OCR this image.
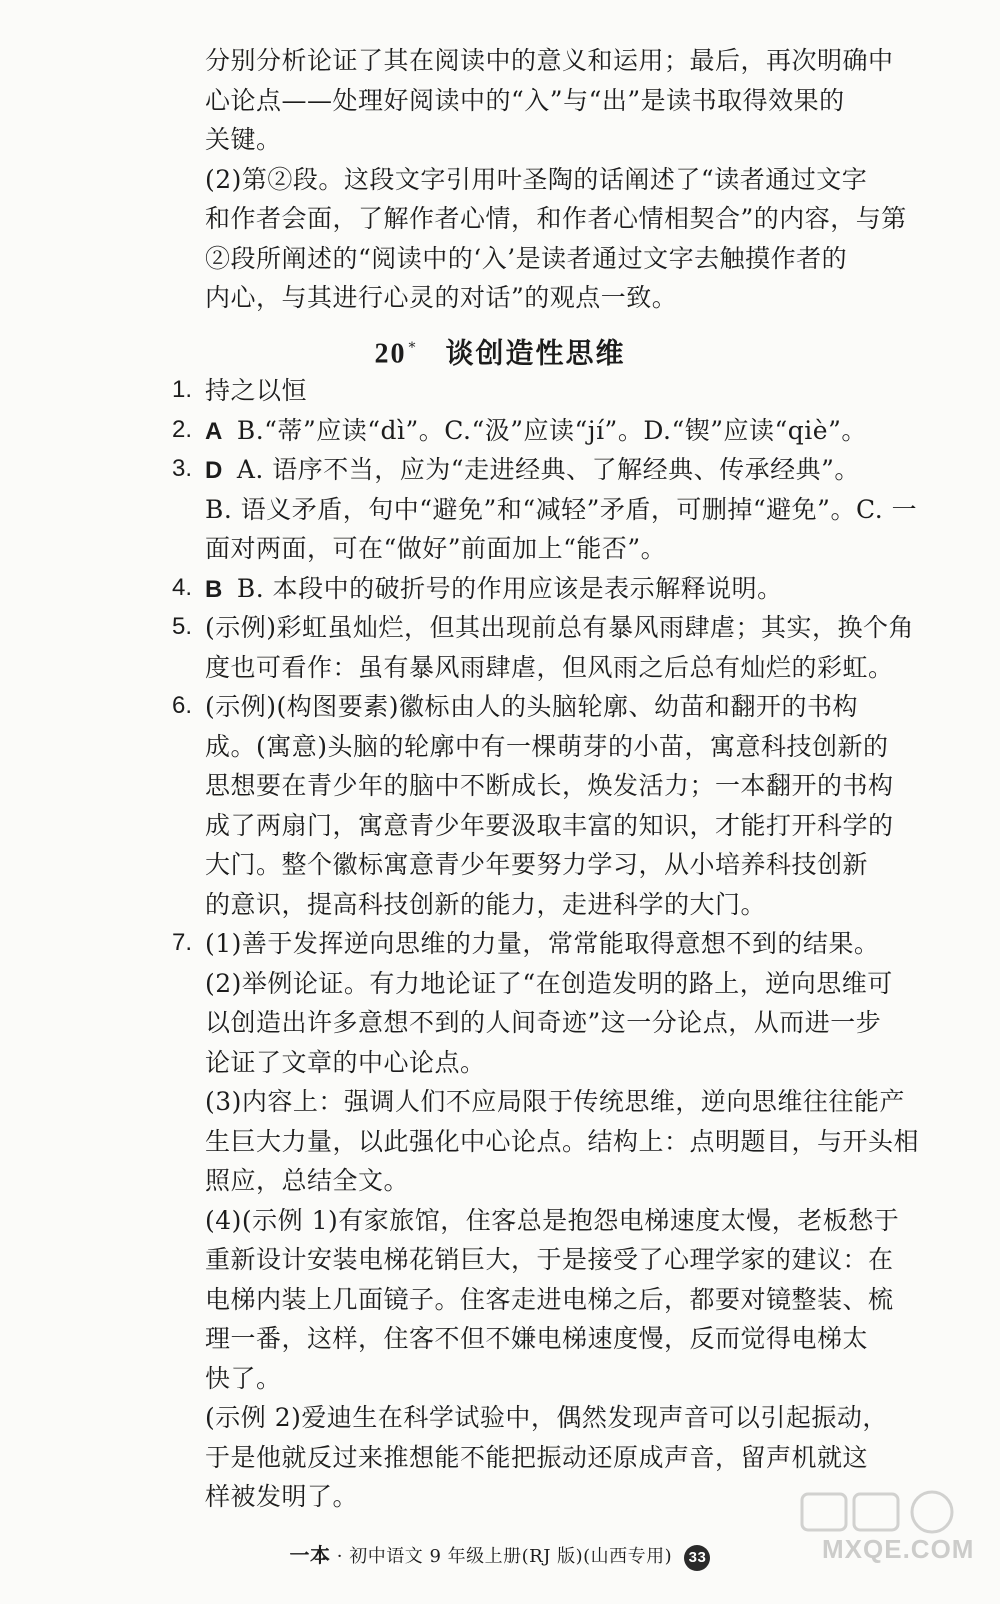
分别分析论证了其在阅读中的意义和运用；最后，再次明确中
心论点——处理好阅读中的“入”与“出”是读书取得效果的
关键。
(2)第②段。这段文字引用叶圣陶的话阐述了“读者通过文字
和作者会面，了解作者心情，和作者心情相契合”的内容，与第
②段所阐述的“阅读中的‘入’是读者通过文字去触摸作者的
内心，与其进行心灵的对话”的观点一致。
1. 持之以恒
2. A B.“蒂”应读“dì”。C.“汲”应读“jí”。D.“锲”应读“qiè”。
3. D A. 语序不当，应为“走进经典、了解经典、传承经典”。
B. 语义矛盾，句中“避免”和“减轻”矛盾，可删掉“避免”。C. 一
面对两面，可在“做好”前面加上“能否”。
4. B B. 本段中的破折号的作用应该是表示解释说明。
5. (示例)彩虹虽灿烂，但其出现前总有暴风雨肆虐；其实，换个角
度也可看作：虽有暴风雨肆虐，但风雨之后总有灿烂的彩虹。
6. (示例)(构图要素)徽标由人的头脑轮廓、幼苗和翻开的书构
成。(寓意)头脑的轮廓中有一棵萌芽的小苗，寓意科技创新的
思想要在青少年的脑中不断成长，焕发活力；一本翻开的书构
成了两扇门，寓意青少年要汲取丰富的知识，才能打开科学的
大门。整个徽标寓意青少年要努力学习，从小培养科技创新
的意识，提高科技创新的能力，走进科学的大门。
7. (1)善于发挥逆向思维的力量，常常能取得意想不到的结果。
(2)举例论证。有力地论证了“在创造发明的路上，逆向思维可
以创造出许多意想不到的人间奇迹”这一分论点，从而进一步
论证了文章的中心论点。
(3)内容上：强调人们不应局限于传统思维，逆向思维往往能产
生巨大力量，以此强化中心论点。结构上：点明题目，与开头相
照应，总结全文。
(4)(示例 1)有家旅馆，住客总是抱怨电梯速度太慢，老板愁于
重新设计安装电梯花销巨大，于是接受了心理学家的建议：在
电梯内装上几面镜子。住客走进电梯之后，都要对镜整装、梳
理一番，这样，住客不但不嫌电梯速度慢，反而觉得电梯太
快了。
(示例 2)爱迪生在科学试验中，偶然发现声音可以引起振动，
于是他就反过来推想能不能把振动还原成声音，留声机就这
样被发明了。
20 * 谈创造性思维
一本 · 初中语文 9 年级上册(RJ 版)(山西专用) 33	MXQE.COM
